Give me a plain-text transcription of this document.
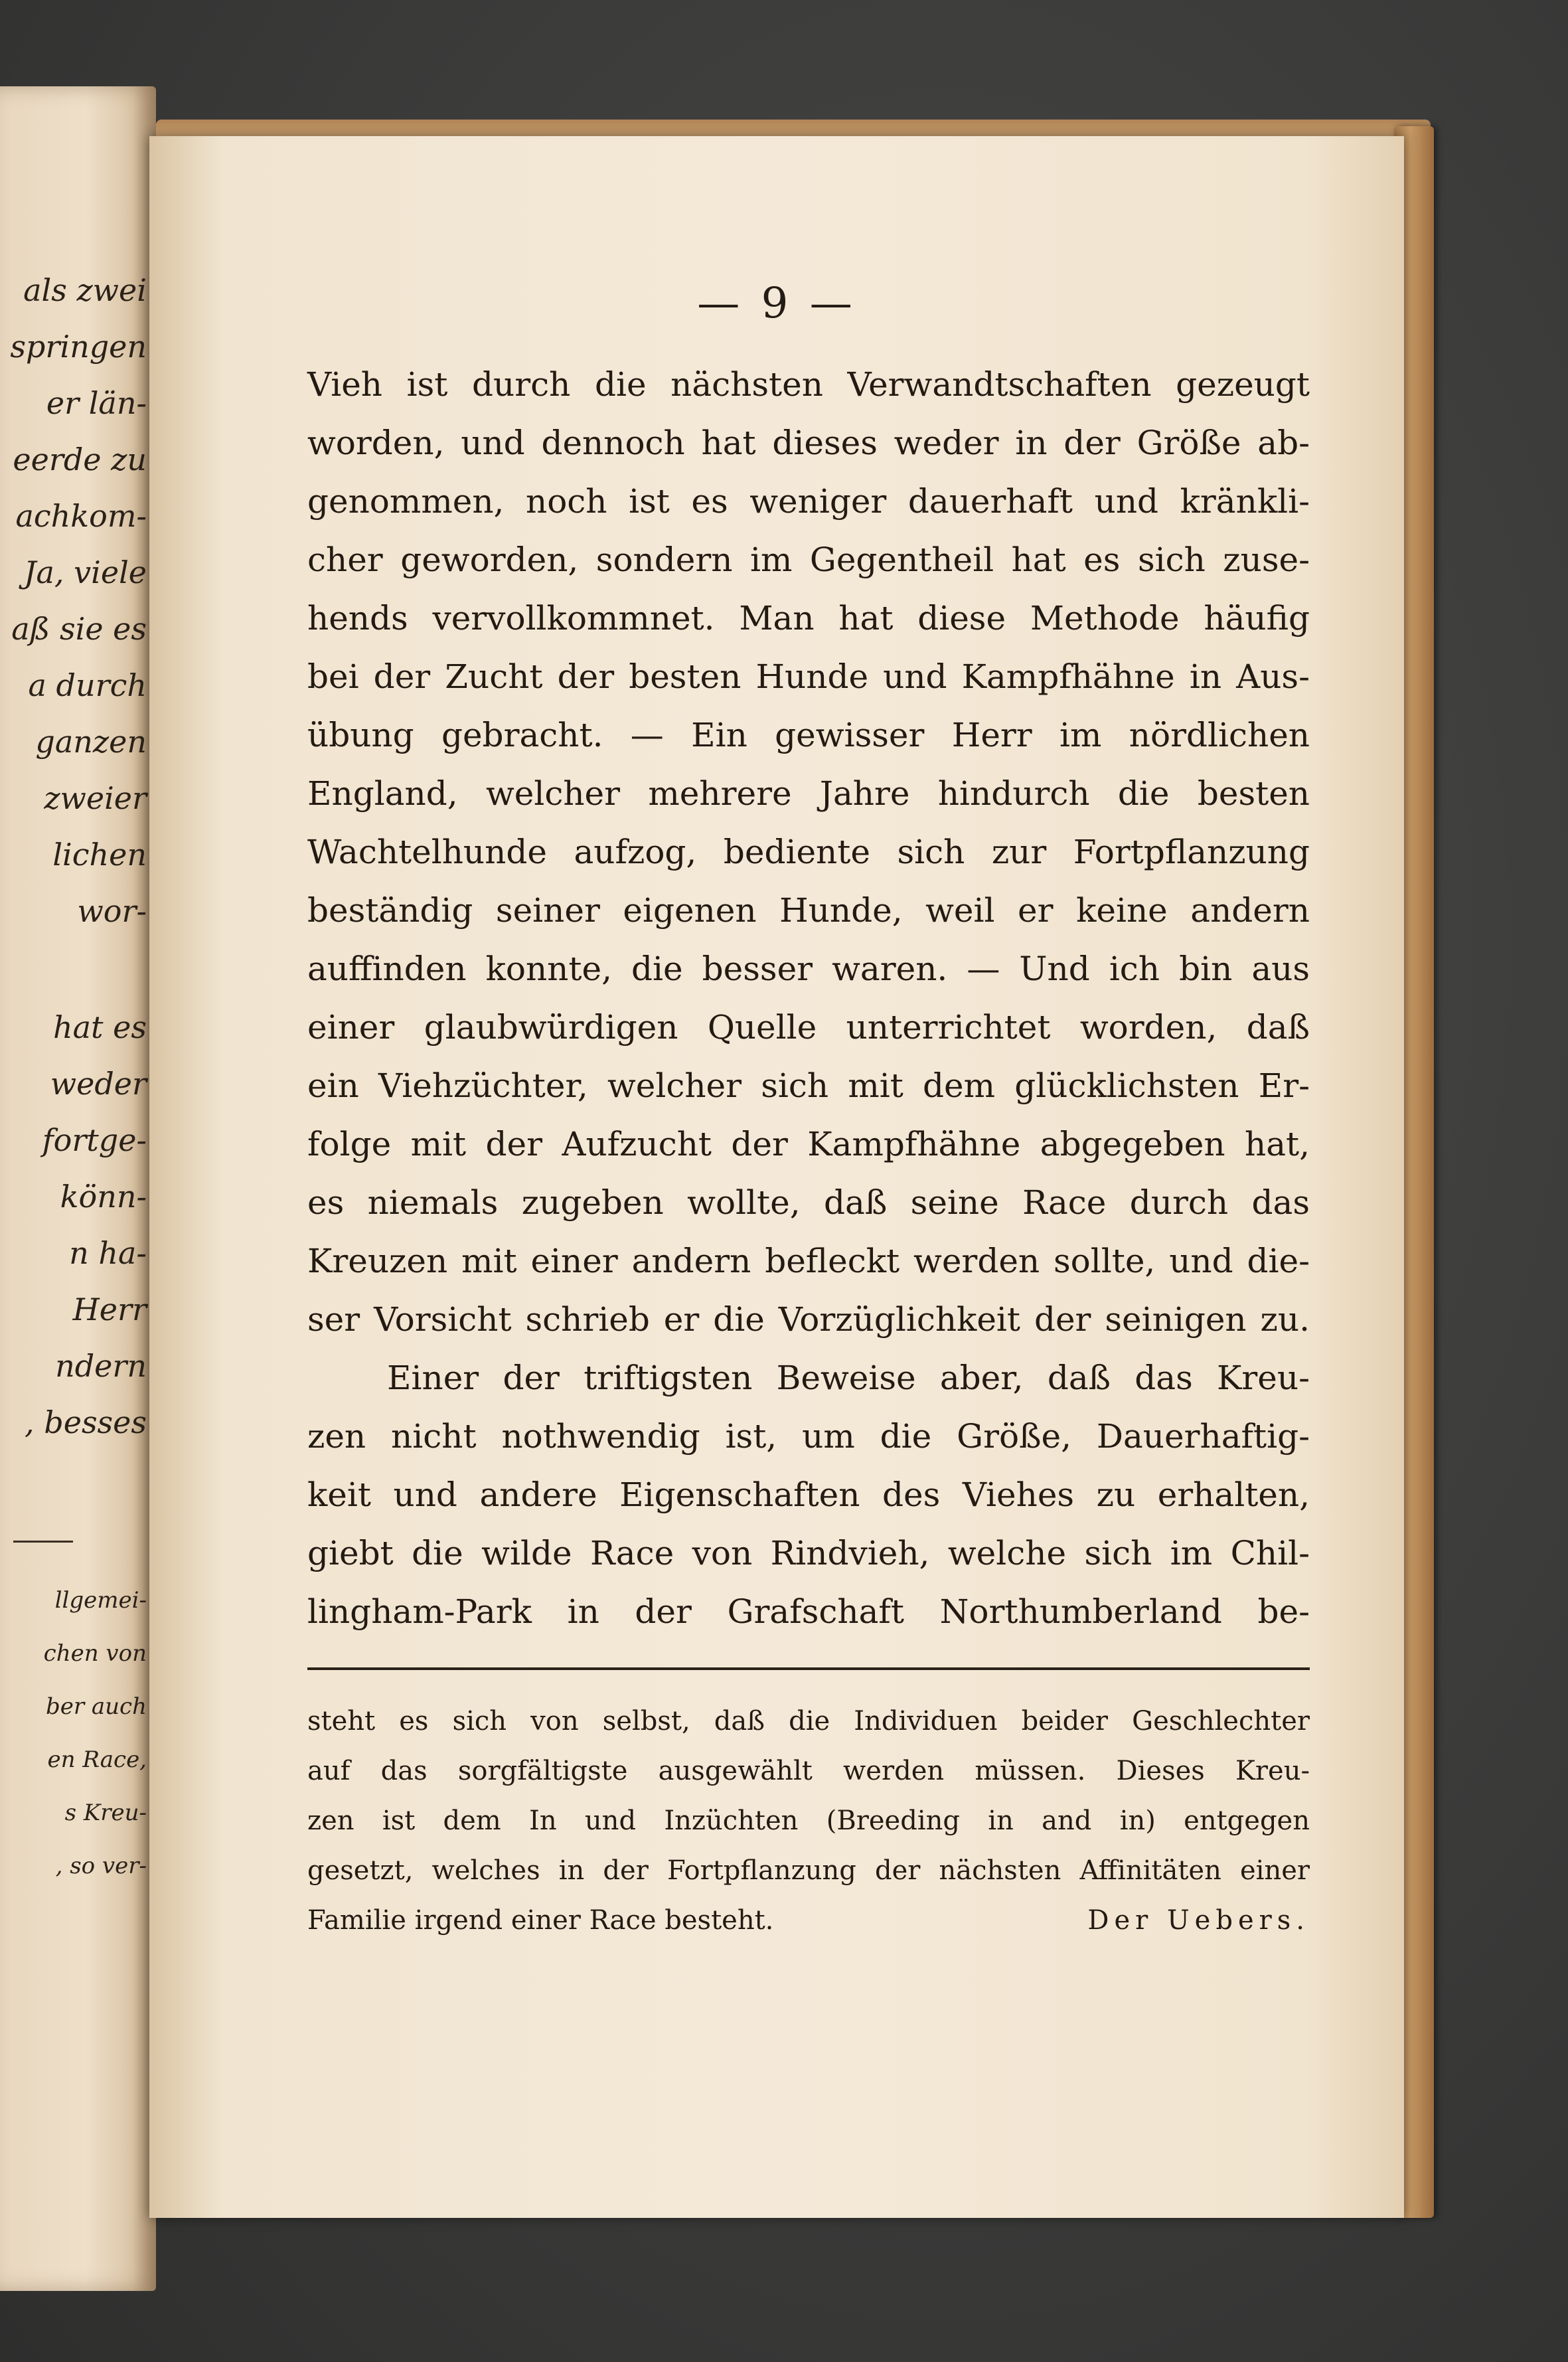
als zwei
springen
er län-
eerde zu
achkom-
Ja, viele
aß sie es
a durch
ganzen
zweier
lichen
wor-
hat es
weder
fortge-
könn-
n ha-
Herr
ndern
, besses
llgemei-
chen von
ber auch
en Race,
s Kreu-
, so ver-
— 9 —
Vieh ist durch die nächsten Verwandtschaften gezeugt
worden, und dennoch hat dieses weder in der Größe ab-
genommen, noch ist es weniger dauerhaft und kränkli-
cher geworden, sondern im Gegentheil hat es sich zuse-
hends vervollkommnet. Man hat diese Methode häufig
bei der Zucht der besten Hunde und Kampfhähne in Aus-
übung gebracht. — Ein gewisser Herr im nördlichen
England, welcher mehrere Jahre hindurch die besten
Wachtelhunde aufzog, bediente sich zur Fortpflanzung
beständig seiner eigenen Hunde, weil er keine andern
auffinden konnte, die besser waren. — Und ich bin aus
einer glaubwürdigen Quelle unterrichtet worden, daß
ein Viehzüchter, welcher sich mit dem glücklichsten Er-
folge mit der Aufzucht der Kampfhähne abgegeben hat,
es niemals zugeben wollte, daß seine Race durch das
Kreuzen mit einer andern befleckt werden sollte, und die-
ser Vorsicht schrieb er die Vorzüglichkeit der seinigen zu.
Einer der triftigsten Beweise aber, daß das Kreu-
zen nicht nothwendig ist, um die Größe, Dauerhaftig-
keit und andere Eigenschaften des Viehes zu erhalten,
giebt die wilde Race von Rindvieh, welche sich im Chil-
lingham-Park in der Grafschaft Northumberland be-
steht es sich von selbst, daß die Individuen beider Geschlechter
auf das sorgfältigste ausgewählt werden müssen. Dieses Kreu-
zen ist dem In und Inzüchten (Breeding in and in) entgegen
gesetzt, welches in der Fortpflanzung der nächsten Affinitäten einer
Familie irgend einer Race besteht.	Der Uebers.
